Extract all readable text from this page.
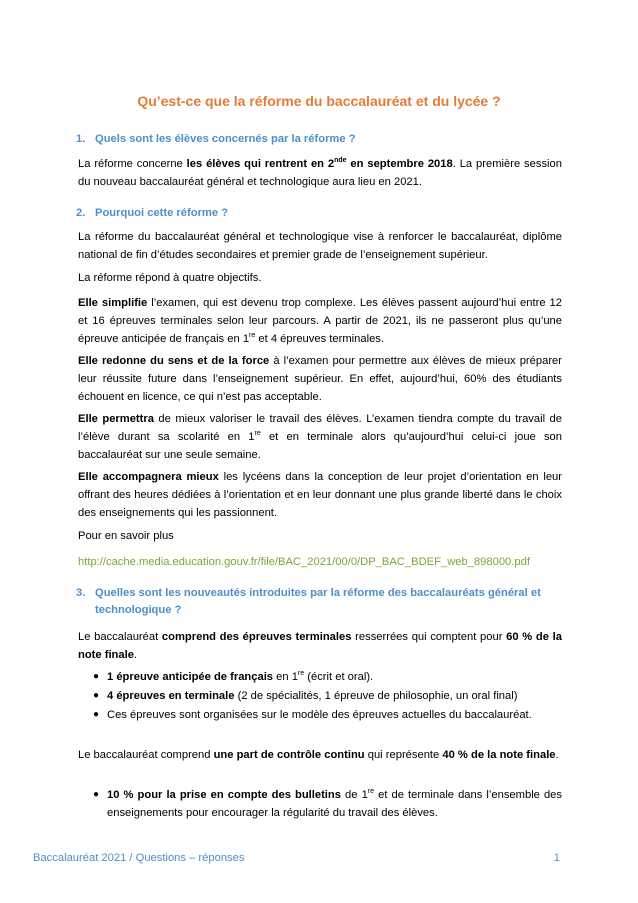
Qu’est-ce que la réforme du baccalauréat et du lycée ?
1. Quels sont les élèves concernés par la réforme ?
La réforme concerne les élèves qui rentrent en 2nde en septembre 2018. La première session du nouveau baccalauréat général et technologique aura lieu en 2021.
2. Pourquoi cette réforme ?
La réforme du baccalauréat général et technologique vise à renforcer le baccalauréat, diplôme national de fin d’études secondaires et premier grade de l’enseignement supérieur.
La réforme répond à quatre objectifs.
Elle simplifie l’examen, qui est devenu trop complexe. Les élèves passent aujourd’hui entre 12 et 16 épreuves terminales selon leur parcours. A partir de 2021, ils ne passeront plus qu’une épreuve anticipée de français en 1re et 4 épreuves terminales.
Elle redonne du sens et de la force à l’examen pour permettre aux élèves de mieux préparer leur réussite future dans l’enseignement supérieur. En effet, aujourd’hui, 60% des étudiants échouent en licence, ce qui n’est pas acceptable.
Elle permettra de mieux valoriser le travail des élèves. L’examen tiendra compte du travail de l’élève durant sa scolarité en 1re et en terminale alors qu’aujourd’hui celui-ci joue son baccalauréat sur une seule semaine.
Elle accompagnera mieux les lycéens dans la conception de leur projet d’orientation en leur offrant des heures dédiées à l’orientation et en leur donnant une plus grande liberté dans le choix des enseignements qui les passionnent.
Pour en savoir plus
http://cache.media.education.gouv.fr/file/BAC_2021/00/0/DP_BAC_BDEF_web_898000.pdf
3. Quelles sont les nouveautés introduites par la réforme des baccalauréats général et technologique ?
Le baccalauréat comprend des épreuves terminales resserrées qui comptent pour 60 % de la note finale.
● 1 épreuve anticipée de français en 1re (écrit et oral).
● 4 épreuves en terminale (2 de spécialités, 1 épreuve de philosophie, un oral final)
● Ces épreuves sont organisées sur le modèle des épreuves actuelles du baccalauréat.
Le baccalauréat comprend une part de contrôle continu qui représente 40 % de la note finale.
● 10 % pour la prise en compte des bulletins de 1re et de terminale dans l’ensemble des enseignements pour encourager la régularité du travail des élèves.
Baccalauréat 2021 / Questions – réponses	1
